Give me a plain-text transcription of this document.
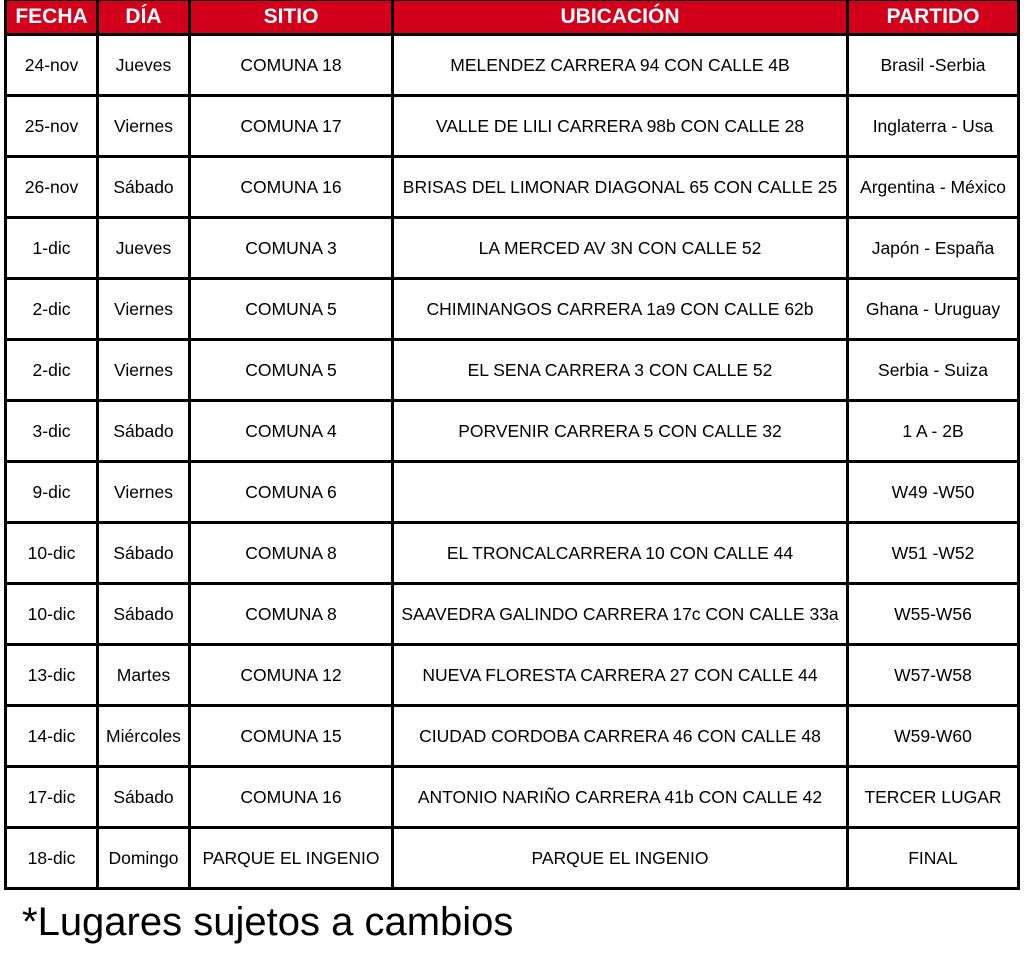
FECHA	DÍA	SITIO	UBICACIÓN	PARTIDO
24-nov	Jueves	COMUNA 18	MELENDEZ CARRERA 94 CON CALLE 4B	Brasil -Serbia
25-nov	Viernes	COMUNA 17	VALLE DE LILI CARRERA 98b CON CALLE 28	Inglaterra - Usa
26-nov	Sábado	COMUNA 16	BRISAS DEL LIMONAR DIAGONAL 65 CON CALLE 25	Argentina - México
1-dic	Jueves	COMUNA 3	LA MERCED AV 3N CON CALLE 52	Japón - España
2-dic	Viernes	COMUNA 5	CHIMINANGOS CARRERA 1a9 CON CALLE 62b	Ghana - Uruguay
2-dic	Viernes	COMUNA 5	EL SENA CARRERA 3 CON CALLE 52	Serbia - Suiza
3-dic	Sábado	COMUNA 4	PORVENIR CARRERA 5 CON CALLE 32	1 A - 2B
9-dic	Viernes	COMUNA 6		W49 -W50
10-dic	Sábado	COMUNA 8	EL TRONCALCARRERA 10 CON CALLE 44	W51 -W52
10-dic	Sábado	COMUNA 8	SAAVEDRA GALINDO CARRERA 17c CON CALLE 33a	W55-W56
13-dic	Martes	COMUNA 12	NUEVA FLORESTA CARRERA 27 CON CALLE 44	W57-W58
14-dic	Miércoles	COMUNA 15	CIUDAD CORDOBA CARRERA 46 CON CALLE 48	W59-W60
17-dic	Sábado	COMUNA 16	ANTONIO NARIÑO CARRERA 41b CON CALLE 42	TERCER LUGAR
18-dic	Domingo	PARQUE EL INGENIO	PARQUE EL INGENIO	FINAL
*Lugares sujetos a cambios
